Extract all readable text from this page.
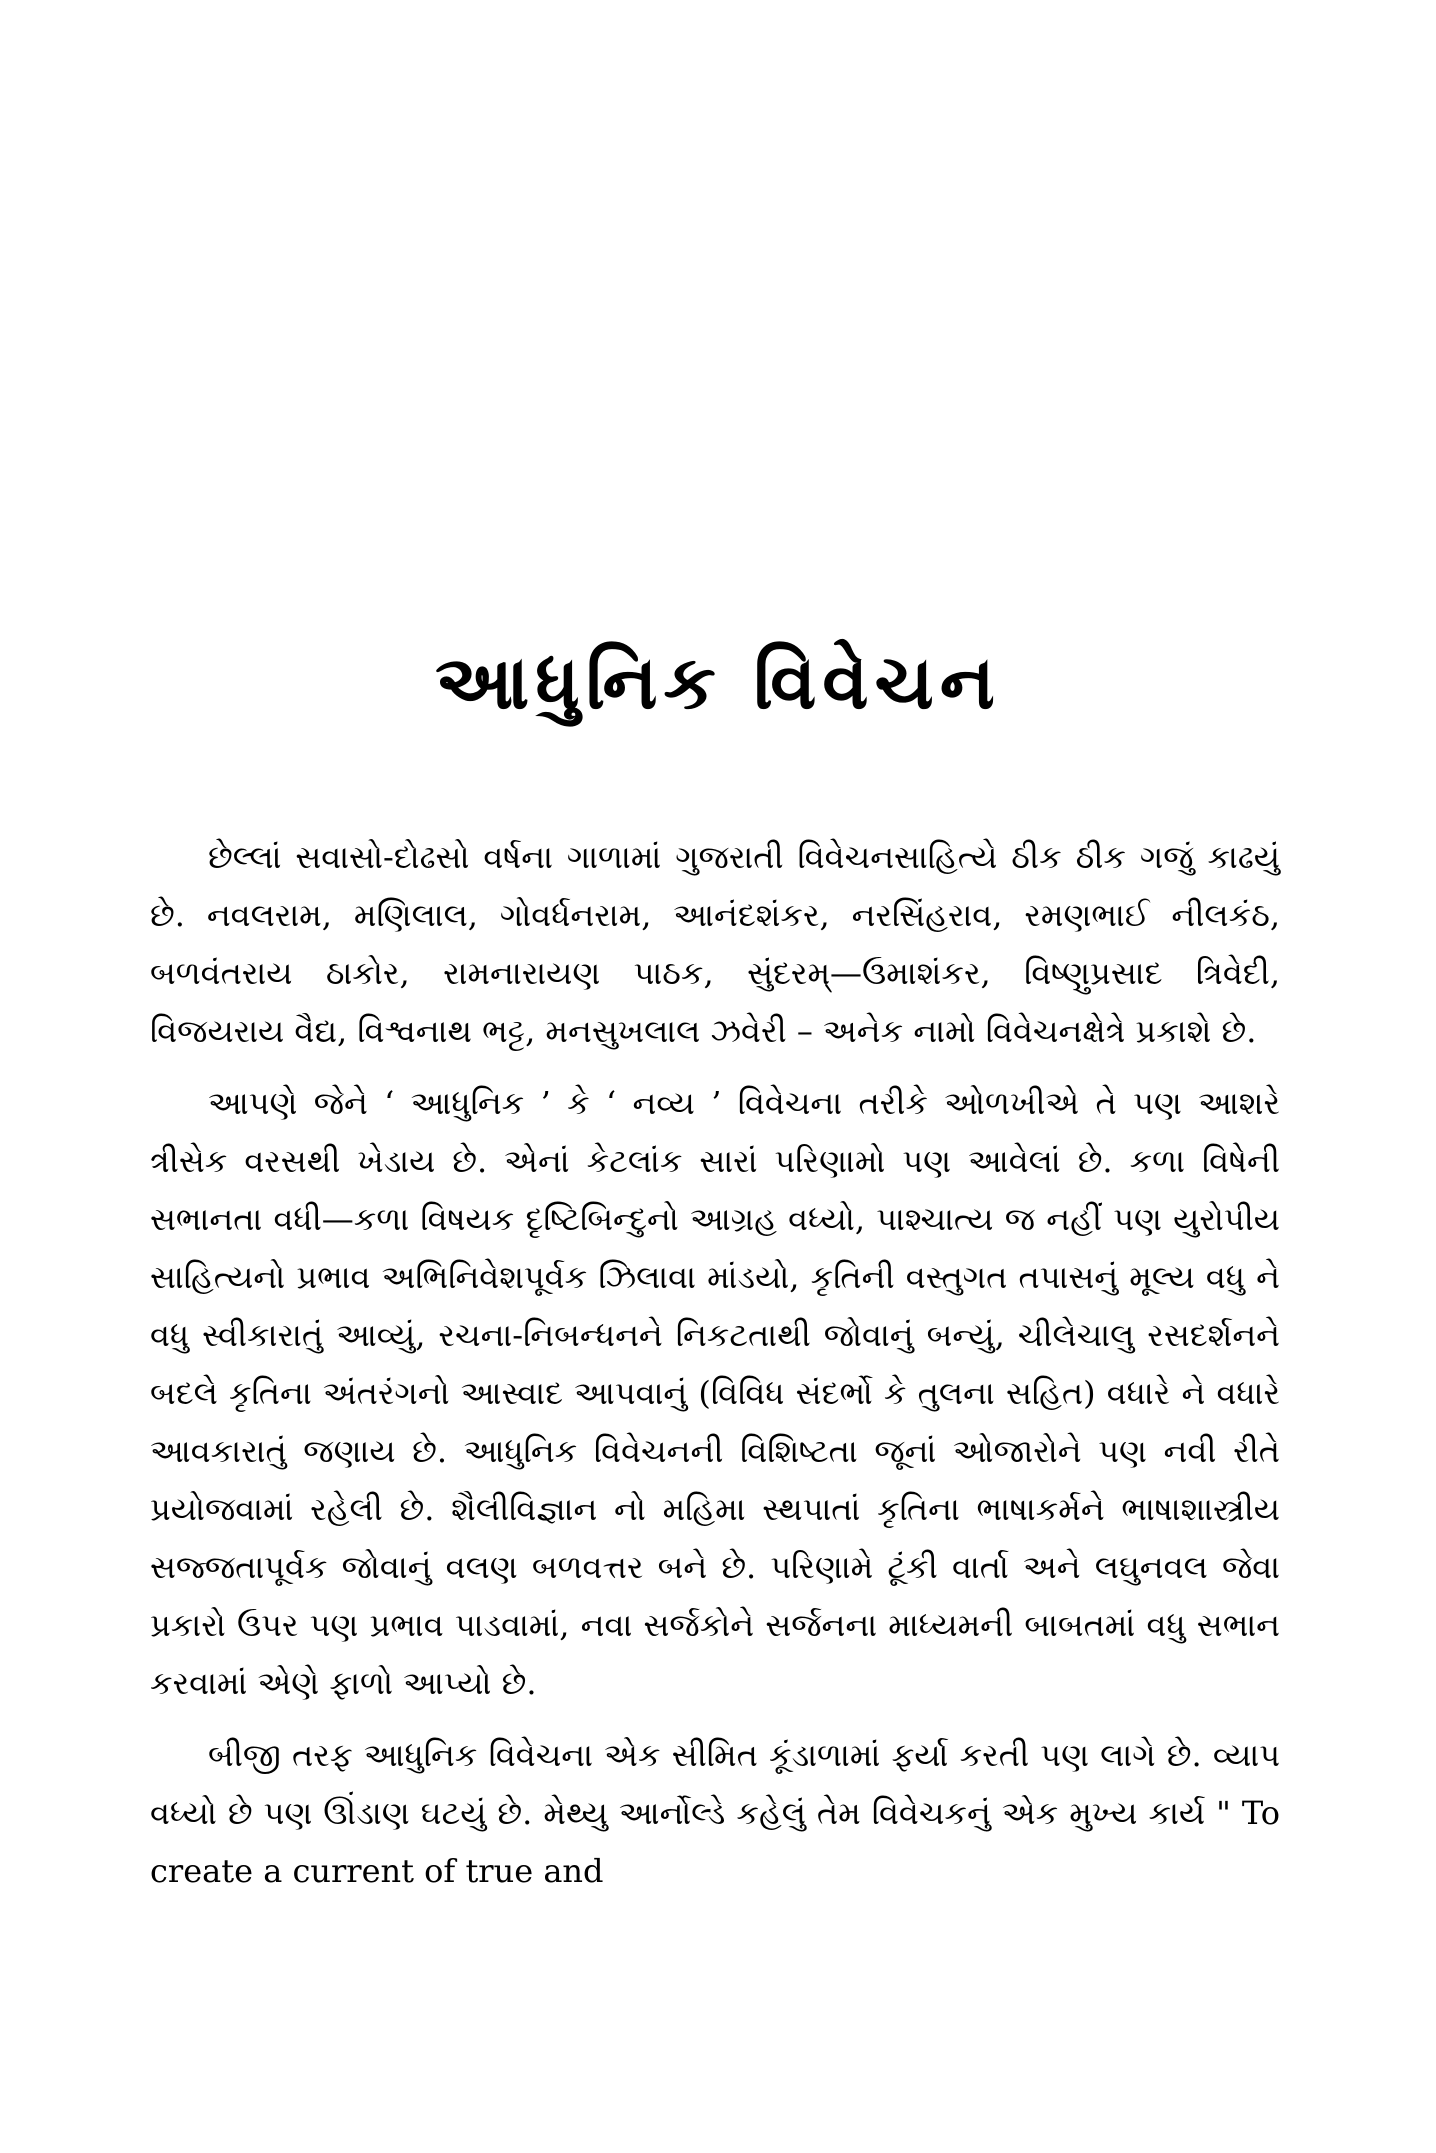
આધુનિક વિવેચન

છેલ્લાં સવાસો-દોઢસો વર્ષના ગાળામાં ગુજરાતી વિવેચનસાહિત્યે ઠીક ઠીક ગજું કાઢયું છે. નવલરામ, મણિલાલ, ગોવર્ધનરામ, આનંદશંકર, નરસિંહરાવ, રમણભાઈ નીલકંઠ, બળવંતરાય ઠાકોર, રામનારાયણ પાઠક, સુંદરમ્—ઉમાશંકર, વિષ્ણુપ્રસાદ ત્રિવેદી, વિજયરાય વૈદ્ય, વિશ્વનાથ ભટ્ટ, મનસુખલાલ ઝવેરી – અનેક નામો વિવેચનક્ષેત્રે પ્રકાશે છે.

આપણે જેને ‘ આધુનિક ’ કે ‘ નવ્ય ’ વિવેચના તરીકે ઓળખીએ તે પણ આશરે ત્રીસેક વરસથી ખેડાય છે. એનાં કેટલાંક સારાં પરિણામો પણ આવેલાં છે. કળા વિષેની સભાનતા વધી—કળા વિષયક દૃષ્ટિબિન્દુનો આગ્રહ વધ્યો, પાશ્ચાત્ય જ નહીં પણ યુરોપીય સાહિત્યનો પ્રભાવ અભિનિવેશપૂર્વક ઝિલાવા માંડયો, કૃતિની વસ્તુગત તપાસનું મૂલ્ય વધુ ને વધુ સ્વીકારાતું આવ્યું, રચના-નિબન્ધનને નિકટતાથી જોવાનું બન્યું, ચીલેચાલુ રસદર્શનને બદલે કૃતિના અંતરંગનો આસ્વાદ આપવાનું (વિવિધ સંદર્ભો કે તુલના સહિત) વધારે ને વધારે આવકારાતું જણાય છે. આધુનિક વિવેચનની વિશિષ્ટતા જૂનાં ઓજારોને પણ નવી રીતે પ્રયોજવામાં રહેલી છે. શૈલીવિજ્ઞાન નો મહિમા સ્થપાતાં કૃતિના ભાષાકર્મને ભાષાશાસ્ત્રીય સજ્જતાપૂર્વક જોવાનું વલણ બળવત્તર બને છે. પરિણામે ટૂંકી વાર્તા અને લઘુનવલ જેવા પ્રકારો ઉપર પણ પ્રભાવ પાડવામાં, નવા સર્જકોને સર્જનના માધ્યમની બાબતમાં વધુ સભાન કરવામાં એણે ફાળો આપ્યો છે.

બીજી તરફ આધુનિક વિવેચના એક સીમિત કૂંડાળામાં ફર્યા કરતી પણ લાગે છે. વ્યાપ વધ્યો છે પણ ઊંડાણ ઘટયું છે. મેથ્યુ આર્નોલ્ડે કહેલું તેમ વિવેચકનું એક મુખ્ય કાર્ય " To create a current of true and
